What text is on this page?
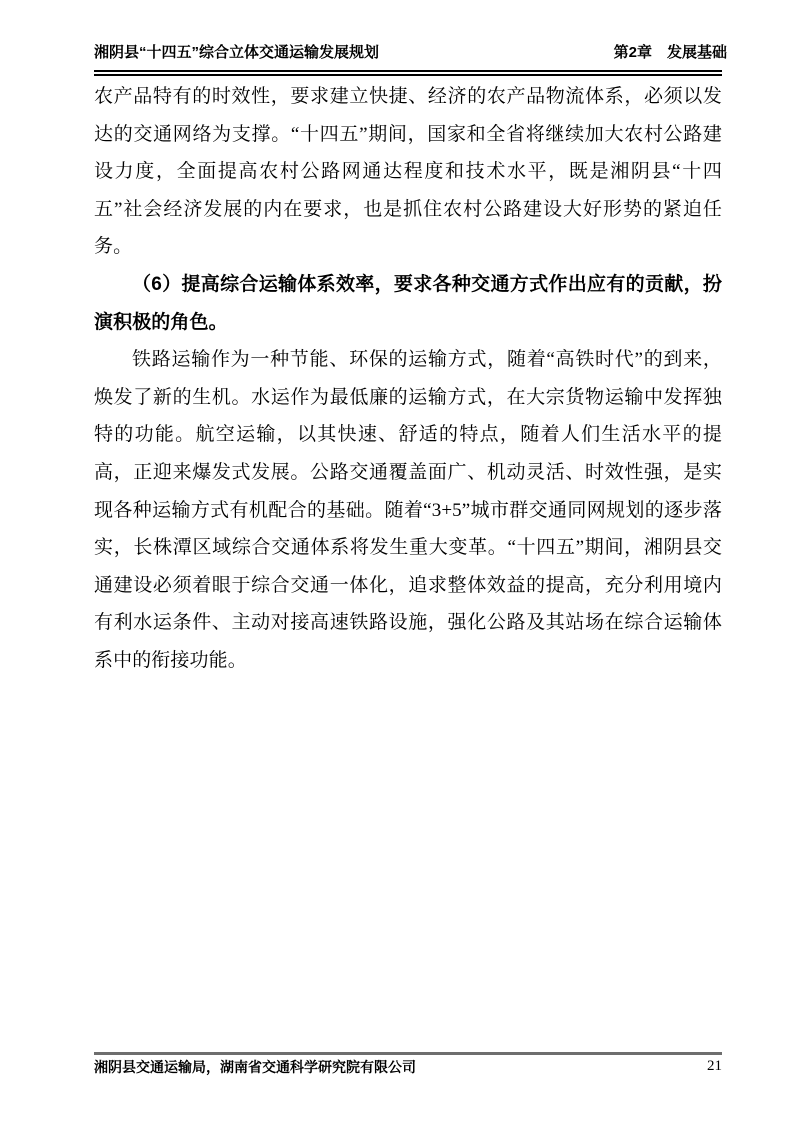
湘阴县“十四五”综合立体交通运输发展规划	第2章　发展基础

农产品特有的时效性，要求建立快捷、经济的农产品物流体系，必须以发达的交通网络为支撑。“十四五”期间，国家和全省将继续加大农村公路建设力度，全面提高农村公路网通达程度和技术水平，既是湘阴县“十四五”社会经济发展的内在要求，也是抓住农村公路建设大好形势的紧迫任务。

（6）提高综合运输体系效率，要求各种交通方式作出应有的贡献，扮演积极的角色。

铁路运输作为一种节能、环保的运输方式，随着“高铁时代”的到来，焕发了新的生机。水运作为最低廉的运输方式，在大宗货物运输中发挥独特的功能。航空运输，以其快速、舒适的特点，随着人们生活水平的提高，正迎来爆发式发展。公路交通覆盖面广、机动灵活、时效性强，是实现各种运输方式有机配合的基础。随着“3+5”城市群交通同网规划的逐步落实，长株潭区域综合交通体系将发生重大变革。“十四五”期间，湘阴县交通建设必须着眼于综合交通一体化，追求整体效益的提高，充分利用境内有利水运条件、主动对接高速铁路设施，强化公路及其站场在综合运输体系中的衔接功能。

湘阴县交通运输局，湖南省交通科学研究院有限公司	21
